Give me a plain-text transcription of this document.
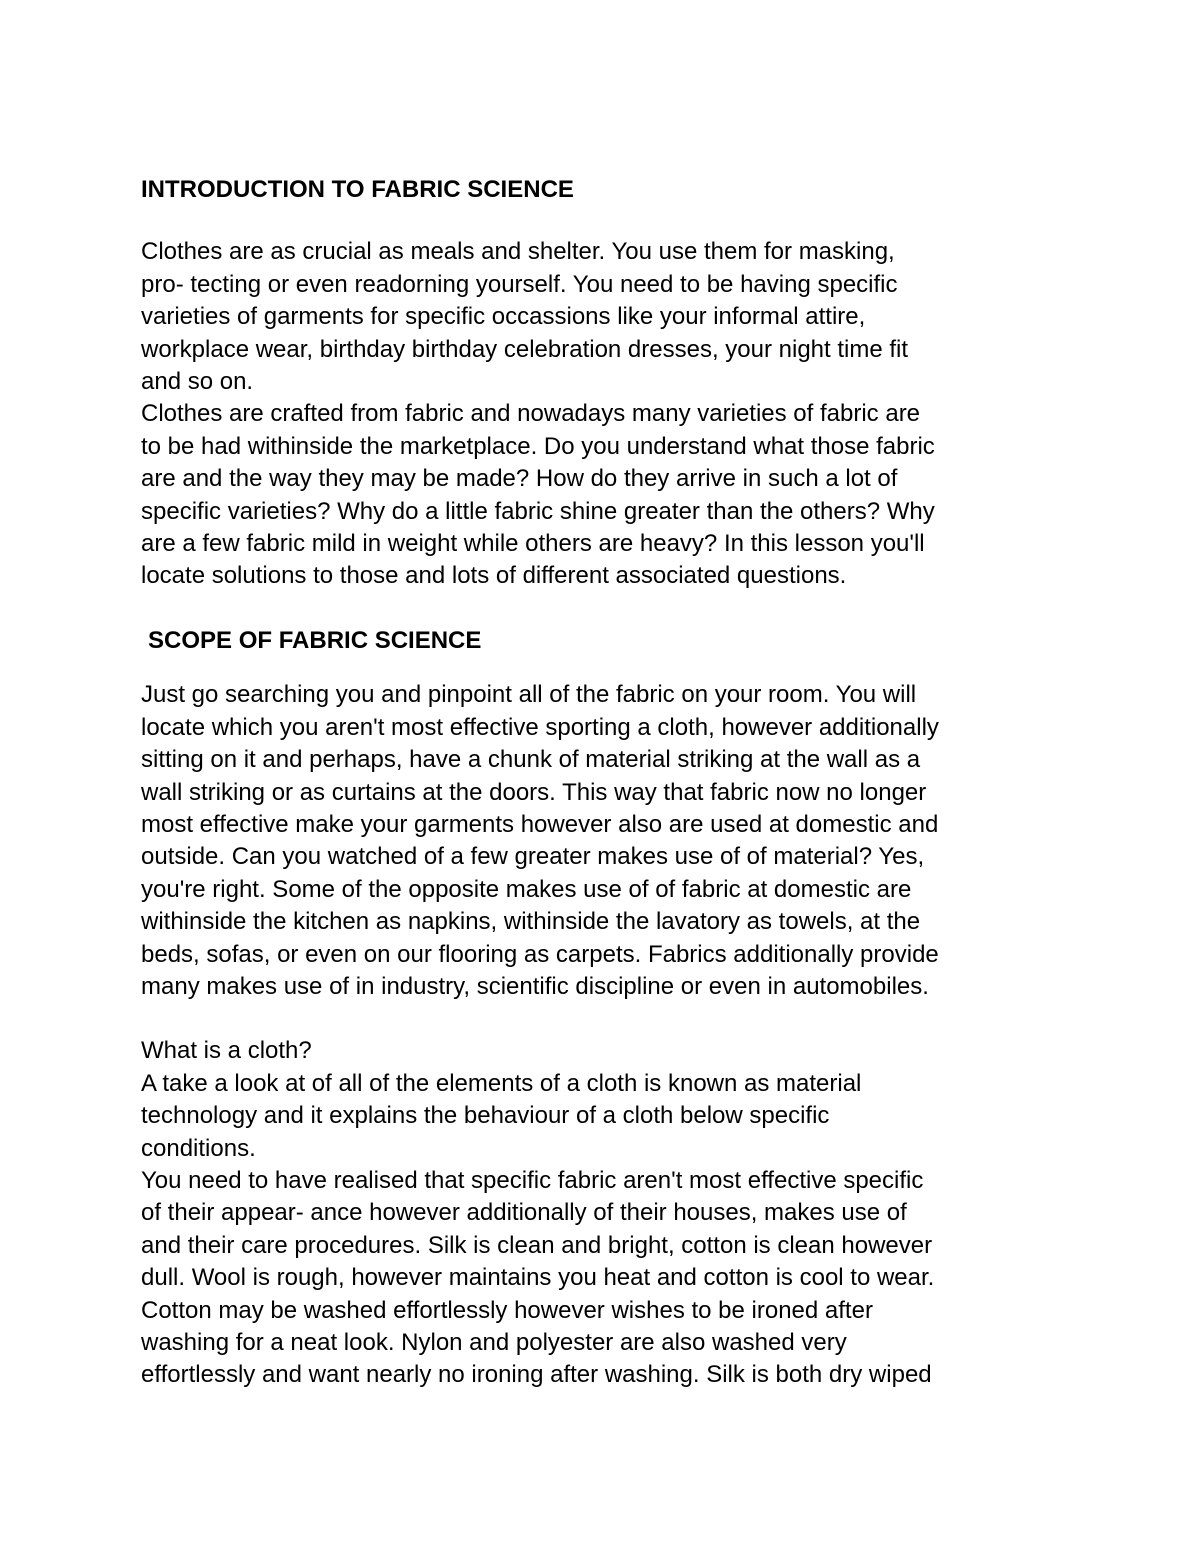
INTRODUCTION TO FABRIC SCIENCE

Clothes are as crucial as meals and shelter. You use them for masking,
pro- tecting or even readorning yourself. You need to be having specific
varieties of garments for specific occassions like your informal attire,
workplace wear, birthday birthday celebration dresses, your night time fit
and so on.
Clothes are crafted from fabric and nowadays many varieties of fabric are
to be had withinside the marketplace. Do you understand what those fabric
are and the way they may be made? How do they arrive in such a lot of
specific varieties? Why do a little fabric shine greater than the others? Why
are a few fabric mild in weight while others are heavy? In this lesson you'll
locate solutions to those and lots of different associated questions.

SCOPE OF FABRIC SCIENCE

Just go searching you and pinpoint all of the fabric on your room. You will
locate which you aren't most effective sporting a cloth, however additionally
sitting on it and perhaps, have a chunk of material striking at the wall as a
wall striking or as curtains at the doors. This way that fabric now no longer
most effective make your garments however also are used at domestic and
outside. Can you watched of a few greater makes use of of material? Yes,
you're right. Some of the opposite makes use of of fabric at domestic are
withinside the kitchen as napkins, withinside the lavatory as towels, at the
beds, sofas, or even on our flooring as carpets. Fabrics additionally provide
many makes use of in industry, scientific discipline or even in automobiles.
What is a cloth?
A take a look at of all of the elements of a cloth is known as material
technology and it explains the behaviour of a cloth below specific
conditions.
You need to have realised that specific fabric aren't most effective specific
of their appear- ance however additionally of their houses, makes use of
and their care procedures. Silk is clean and bright, cotton is clean however
dull. Wool is rough, however maintains you heat and cotton is cool to wear.
Cotton may be washed effortlessly however wishes to be ironed after
washing for a neat look. Nylon and polyester are also washed very
effortlessly and want nearly no ironing after washing. Silk is both dry wiped
